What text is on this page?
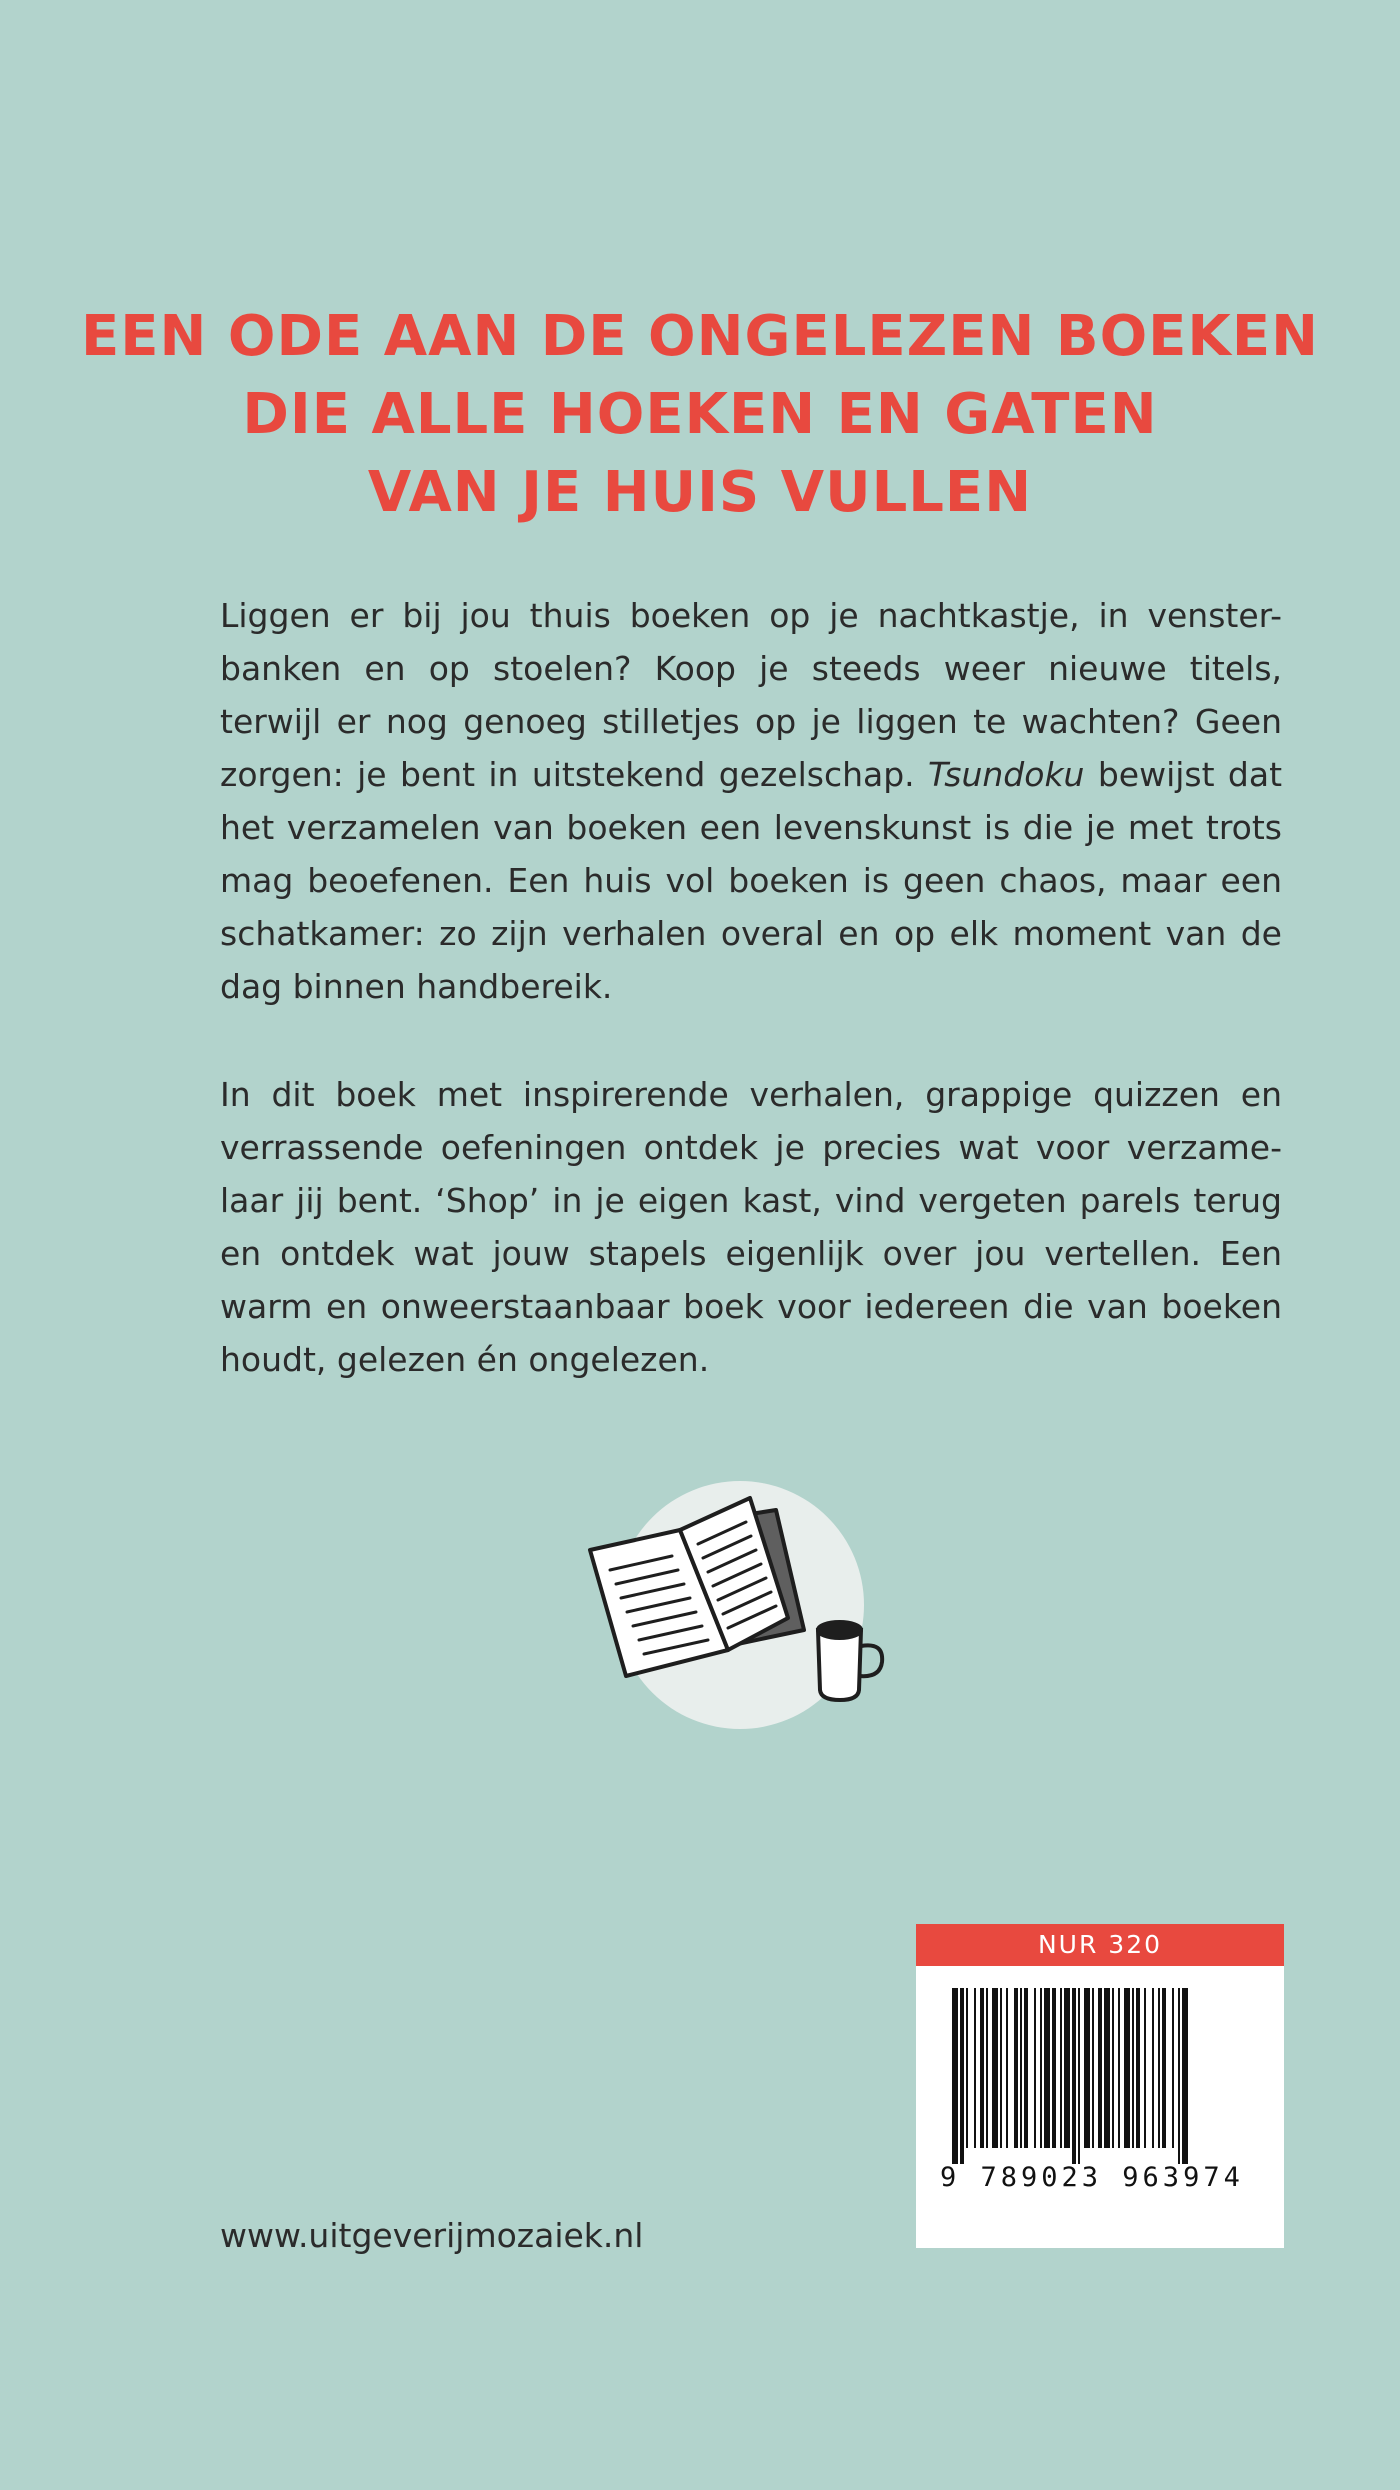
EEN ODE AAN DE ONGELEZEN BOEKEN
DIE ALLE HOEKEN EN GATEN
VAN JE HUIS VULLEN
Liggen er bij jou thuis boeken op je nachtkastje, in venster-
banken en op stoelen? Koop je steeds weer nieuwe titels,
terwijl er nog genoeg stilletjes op je liggen te wachten? Geen
zorgen: je bent in uitstekend gezelschap. Tsundoku bewijst dat
het verzamelen van boeken een levenskunst is die je met trots
mag beoefenen. Een huis vol boeken is geen chaos, maar een
schatkamer: zo zijn verhalen overal en op elk moment van de
dag binnen handbereik.
In dit boek met inspirerende verhalen, grappige quizzen en
verrassende oefeningen ontdek je precies wat voor verzame-
laar jij bent. ‘Shop’ in je eigen kast, vind vergeten parels terug
en ontdek wat jouw stapels eigenlijk over jou vertellen. Een
warm en onweerstaanbaar boek voor iedereen die van boeken
houdt, gelezen én ongelezen.
www.uitgeverijmozaiek.nl
NUR 320
9 789023 963974
